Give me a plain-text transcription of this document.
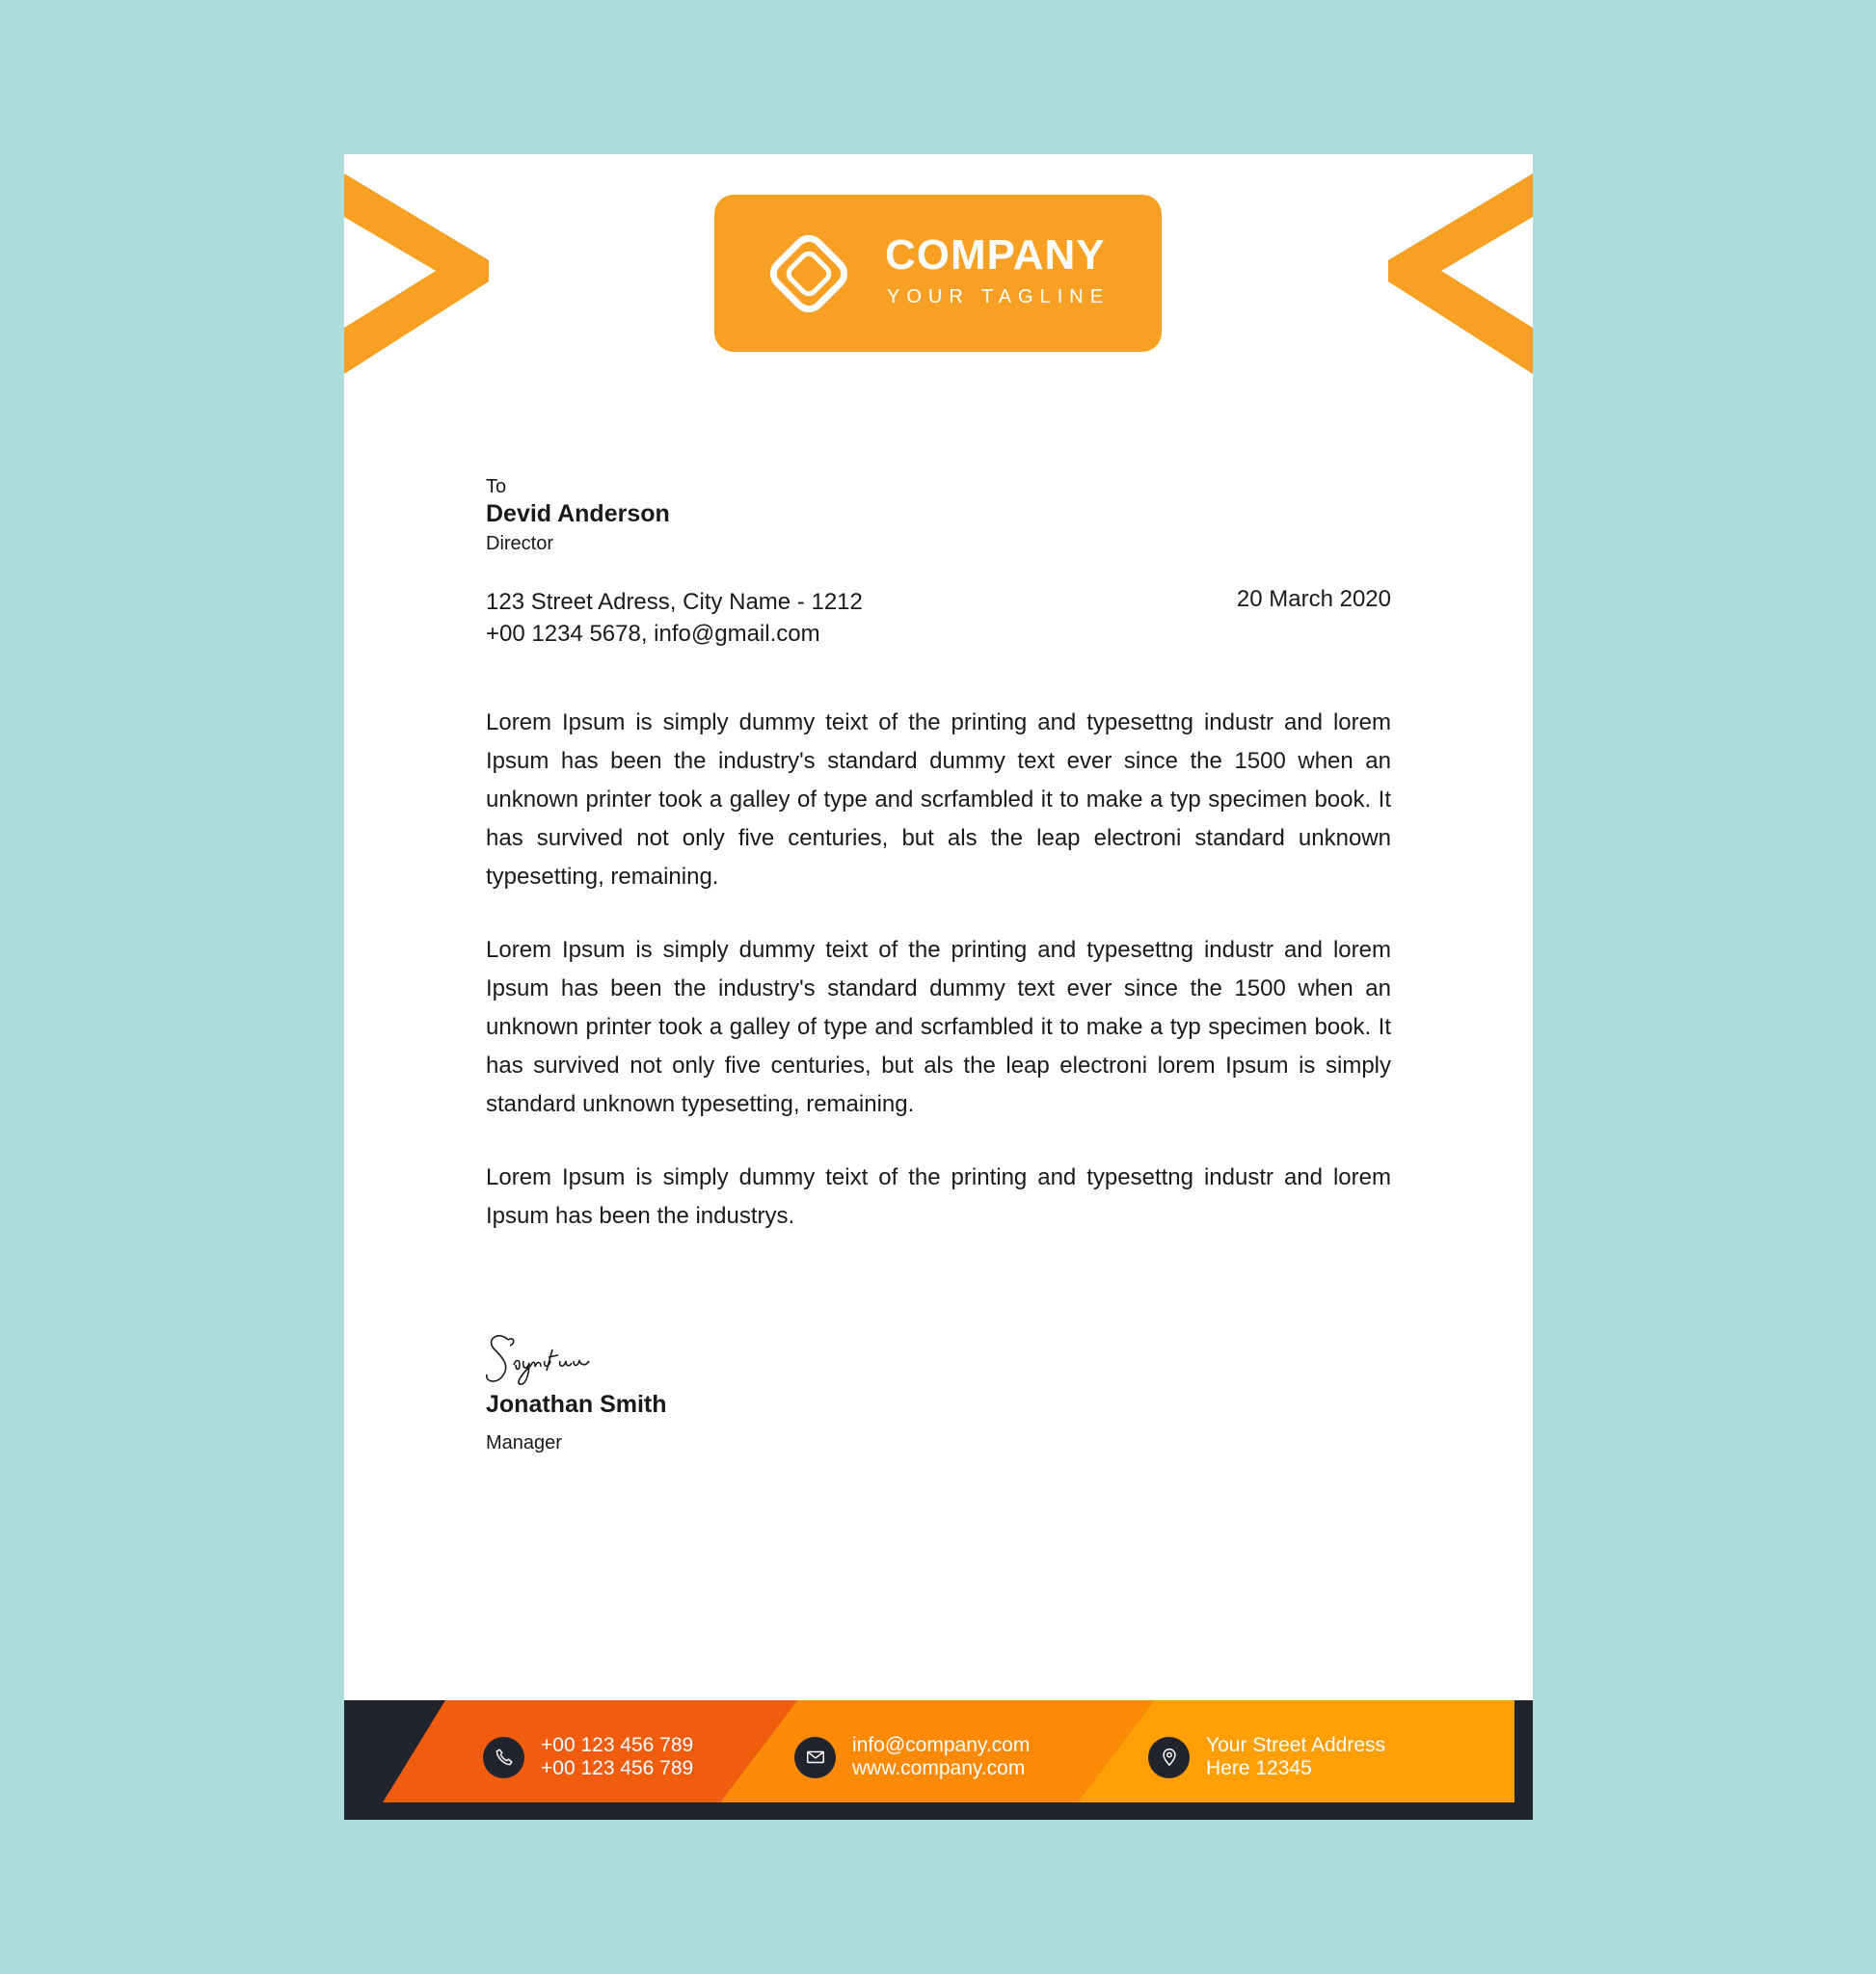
COMPANY
YOUR TAGLINE
To
Devid Anderson
Director
123 Street Adress, City Name - 1212
+00 1234 5678, info@gmail.com
20 March 2020

Lorem Ipsum is simply dummy teixt of the printing and typesettng industr and lorem Ipsum has been the industry's standard dummy text ever since the 1500 when an unknown printer took a galley of type and scrfambled it to make a typ specimen book. It has survived not only five centuries, but als the leap electroni standard unknown typesetting, remaining.

Lorem Ipsum is simply dummy teixt of the printing and typesettng industr and lorem Ipsum has been the industry's standard dummy text ever since the 1500 when an unknown printer took a galley of type and scrfambled it to make a typ specimen book. It has survived not only five centuries, but als the leap electroni lorem Ipsum is simply standard unknown typesetting, remaining.

Lorem Ipsum is simply dummy teixt of the printing and typesettng industr and lorem Ipsum has been the industrys.

Jonathan Smith
Manager
+00 123 456 789
+00 123 456 789
info@company.com
www.company.com
Your Street Address
Here 12345
